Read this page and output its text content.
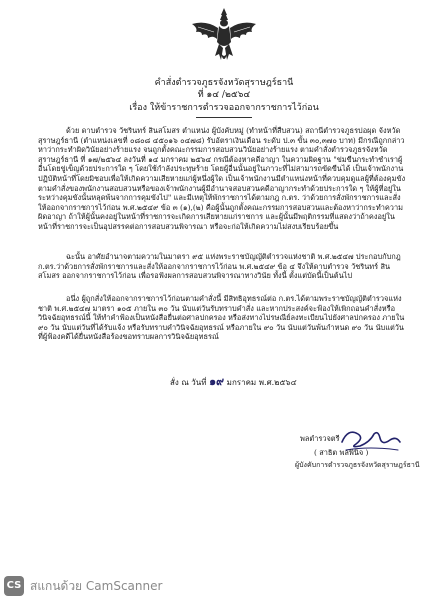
คำสั่งตำรวจภูธรจังหวัดสุราษฎร์ธานี
ที่ ๑๔ /๒๕๖๔
เรื่อง ให้ข้าราชการตำรวจออกจากราชการไว้ก่อน
ด้วย ดาบตำรวจ วัชรินทร์ สินสโมสร ตำแหน่ง ผู้บังคับหมู่ (ทำหน้าที่สืบสวน) สถานีตำรวจภูธรบ่อผุด จังหวัดสุราษฎร์ธานี (ตำแหน่งเลขที่ ๐๘๐๘ ๔๕๐๑๖ ๐๔๗๘) รับอัตราเงินเดือน ระดับ ป.๓ ขั้น ๓๐,๓๗๐ บาท) มีกรณีถูกกล่าวหาว่ากระทำผิดวินัยอย่างร้ายแรง จนถูกตั้งคณะกรรมการสอบสวนวินัยอย่างร้ายแรง ตามคำสั่งตำรวจภูธรจังหวัดสุราษฎร์ธานี ที่ ๑๗/๒๕๖๔ ลงวันที่ ๑๔ มกราคม ๒๕๖๔ กรณีต้องหาคดีอาญา ในความผิดฐาน "ข่มขืนกระทำชำเราผู้อื่นโดยขู่เข็ญด้วยประการใด ๆ โดยใช้กำลังประทุษร้าย โดยผู้อื่นนั้นอยู่ในภาวะที่ไม่สามารถขัดขืนได้ เป็นเจ้าพนักงานปฏิบัติหน้าที่โดยมิชอบเพื่อให้เกิดความเสียหายแก่ผู้หนึ่งผู้ใด เป็นเจ้าพนักงานมีตำแหน่งหน้าที่ควบคุมดูแลผู้ที่ต้องคุมขังตามคำสั่งของพนักงานสอบสวนหรือของเจ้าพนักงานผู้มีอำนาจสอบสวนคดีอาญากระทำด้วยประการใด ๆ ให้ผู้ที่อยู่ในระหว่างคุมขังนั้นหลุดพ้นจากการคุมขังไป" และมีเหตุให้พักราชการได้ตามกฎ ก.ตร. ว่าด้วยการสั่งพักราชการและสั่งให้ออกจากราชการไว้ก่อน พ.ศ.๒๕๔๙ ข้อ ๓ (๑),(๒) คือผู้นั้นถูกตั้งคณะกรรมการสอบสวนและต้องหาว่ากระทำความผิดอาญา ถ้าให้ผู้นั้นคงอยู่ในหน้าที่ราชการจะเกิดการเสียหายแก่ราชการ และผู้นั้นมีพฤติกรรมที่แสดงว่าถ้าคงอยู่ในหน้าที่ราชการจะเป็นอุปสรรคต่อการสอบสวนพิจารณา หรือจะก่อให้เกิดความไม่สงบเรียบร้อยขึ้น
ฉะนั้น อาศัยอำนาจตามความในมาตรา ๙๕ แห่งพระราชบัญญัติตำรวจแห่งชาติ พ.ศ.๒๕๔๗ ประกอบกับกฎ ก.ตร.ว่าด้วยการสั่งพักราชการและสั่งให้ออกจากราชการไว้ก่อน พ.ศ.๒๕๔๙ ข้อ ๔ จึงให้ดาบตำรวจ วัชรินทร์ สินสโมสร ออกจากราชการไว้ก่อน เพื่อรอฟังผลการสอบสวนพิจารณาทางวินัย ทั้งนี้ ตั้งแต่บัดนี้เป็นต้นไป
อนึ่ง ผู้ถูกสั่งให้ออกจากราชการไว้ก่อนตามคำสั่งนี้ มีสิทธิอุทธรณ์ต่อ ก.ตร.ได้ตามพระราชบัญญัติตำรวจแห่งชาติ พ.ศ.๒๕๔๗ มาตรา ๑๐๕ ภายใน ๓๐ วัน นับแต่วันรับทราบคำสั่ง และหากประสงค์จะฟ้องให้เพิกถอนคำสั่งหรือวินิจฉัยอุทธรณ์นี้ ให้ทำคำฟ้องเป็นหนังสือยื่นต่อศาลปกครอง หรือส่งทางไปรษณีย์ลงทะเบียนไปยังศาลปกครอง ภายใน ๙๐ วัน นับแต่วันที่ได้รับแจ้ง หรือรับทราบคำวินิจฉัยอุทธรณ์ หรือภายใน ๙๐ วัน นับแต่วันพ้นกำหนด ๙๐ วัน นับแต่วันที่ผู้ฟ้องคดีได้ยื่นหนังสือร้องขอทราบผลการวินิจฉัยอุทธรณ์
สั่ง ณ วันที่ ๑๙ มกราคม พ.ศ.๒๕๖๔
พลตำรวจตรี
( สาธิต พลพินิจ )
ผู้บังคับการตำรวจภูธรจังหวัดสุราษฎร์ธานี
CS สแกนด้วย CamScanner
